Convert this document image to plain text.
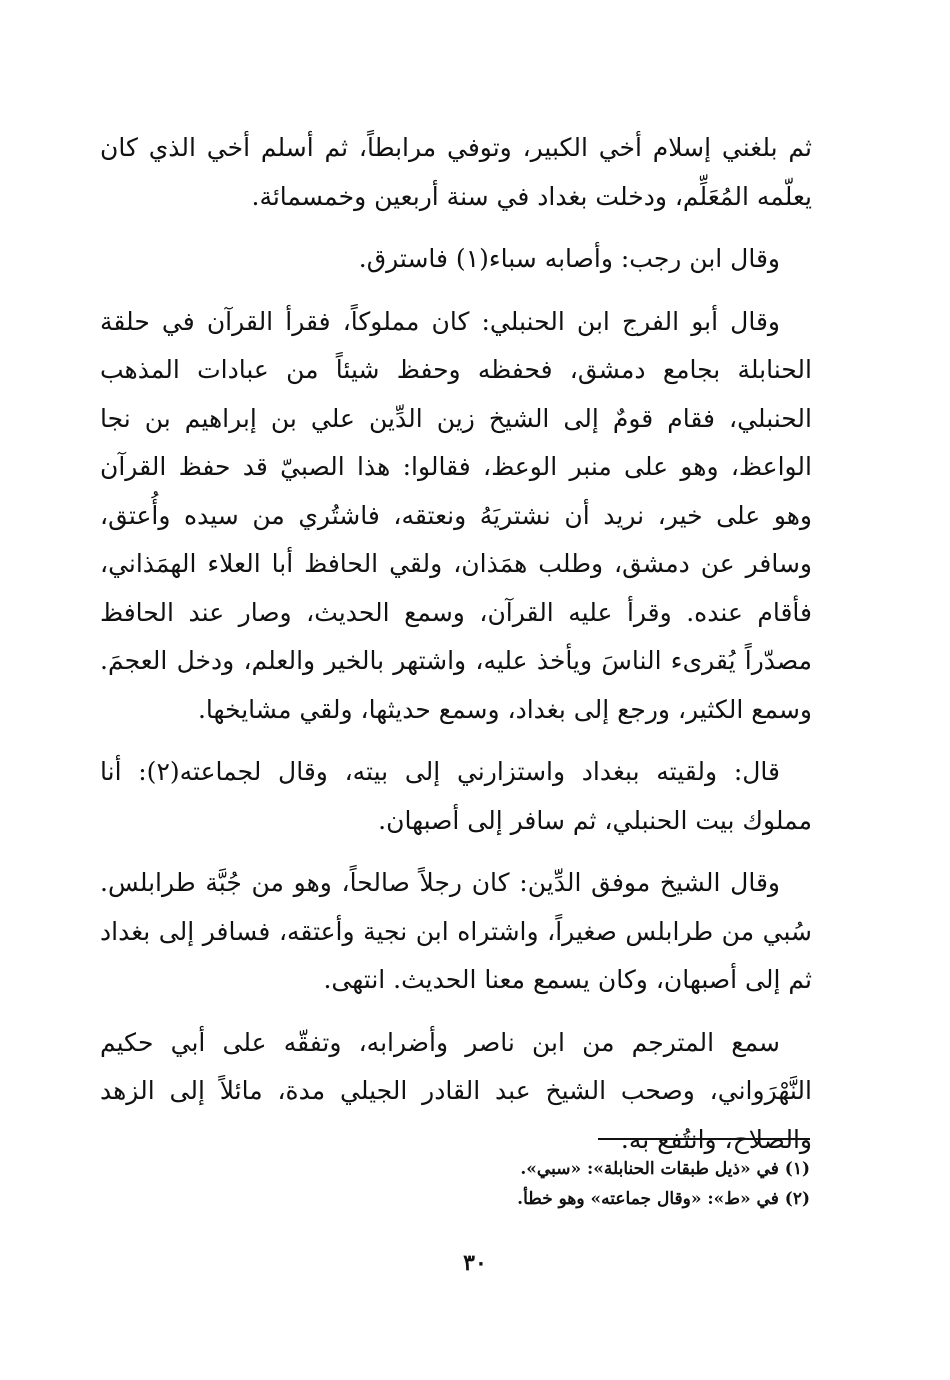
ثم بلغني إسلام أخي الكبير، وتوفي مرابطاً، ثم أسلم أخي الذي كان يعلّمه المُعَلِّم، ودخلت بغداد في سنة أربعين وخمسمائة.

وقال ابن رجب: وأصابه سباء(١) فاسترق.

وقال أبو الفرج ابن الحنبلي: كان مملوكاً، فقرأ القرآن في حلقة الحنابلة بجامع دمشق، فحفظه وحفظ شيئاً من عبادات المذهب الحنبلي، فقام قومٌ إلى الشيخ زين الدِّين علي بن إبراهيم بن نجا الواعظ، وهو على منبر الوعظ، فقالوا: هذا الصبيّ قد حفظ القرآن وهو على خير، نريد أن نشتريَهُ ونعتقه، فاشتُري من سيده وأُعتق، وسافر عن دمشق، وطلب همَذان، ولقي الحافظ أبا العلاء الهمَذاني، فأقام عنده. وقرأ عليه القرآن، وسمع الحديث، وصار عند الحافظ مصدّراً يُقرىء الناسَ ويأخذ عليه، واشتهر بالخير والعلم، ودخل العجمَ. وسمع الكثير، ورجع إلى بغداد، وسمع حديثها، ولقي مشايخها.

قال: ولقيته ببغداد واستزارني إلى بيته، وقال لجماعته(٢): أنا مملوك بيت الحنبلي، ثم سافر إلى أصبهان.

وقال الشيخ موفق الدِّين: كان رجلاً صالحاً، وهو من جُبَّة طرابلس. سُبي من طرابلس صغيراً، واشتراه ابن نجية وأعتقه، فسافر إلى بغداد ثم إلى أصبهان، وكان يسمع معنا الحديث. انتهى.

سمع المترجم من ابن ناصر وأضرابه، وتفقّه على أبي حكيم النَّهْرَواني، وصحب الشيخ عبد القادر الجيلي مدة، مائلاً إلى الزهد والصلاح، وانتُفع به.

(١) في «ذيل طبقات الحنابلة»: «سبي».

(٢) في «ط»: «وقال جماعته» وهو خطأ.

٣٠
